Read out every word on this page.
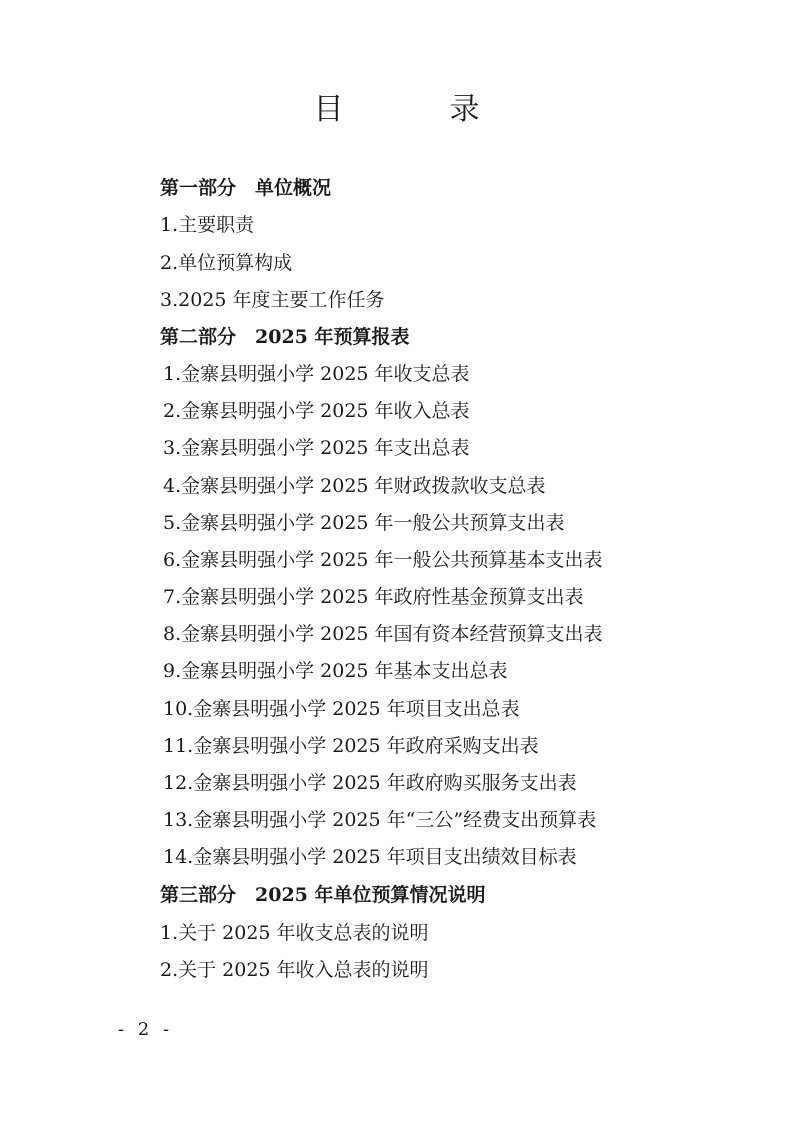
目　录
第一部分　单位概况
1.主要职责
2.单位预算构成
3.2025 年度主要工作任务
第二部分　2025 年预算报表
1.金寨县明强小学 2025 年收支总表
2.金寨县明强小学 2025 年收入总表
3.金寨县明强小学 2025 年支出总表
4.金寨县明强小学 2025 年财政拨款收支总表
5.金寨县明强小学 2025 年一般公共预算支出表
6.金寨县明强小学 2025 年一般公共预算基本支出表
7.金寨县明强小学 2025 年政府性基金预算支出表
8.金寨县明强小学 2025 年国有资本经营预算支出表
9.金寨县明强小学 2025 年基本支出总表
10.金寨县明强小学 2025 年项目支出总表
11.金寨县明强小学 2025 年政府采购支出表
12.金寨县明强小学 2025 年政府购买服务支出表
13.金寨县明强小学 2025 年“三公”经费支出预算表
14.金寨县明强小学 2025 年项目支出绩效目标表
第三部分　2025 年单位预算情况说明
1.关于 2025 年收支总表的说明
2.关于 2025 年收入总表的说明
- 2 -
